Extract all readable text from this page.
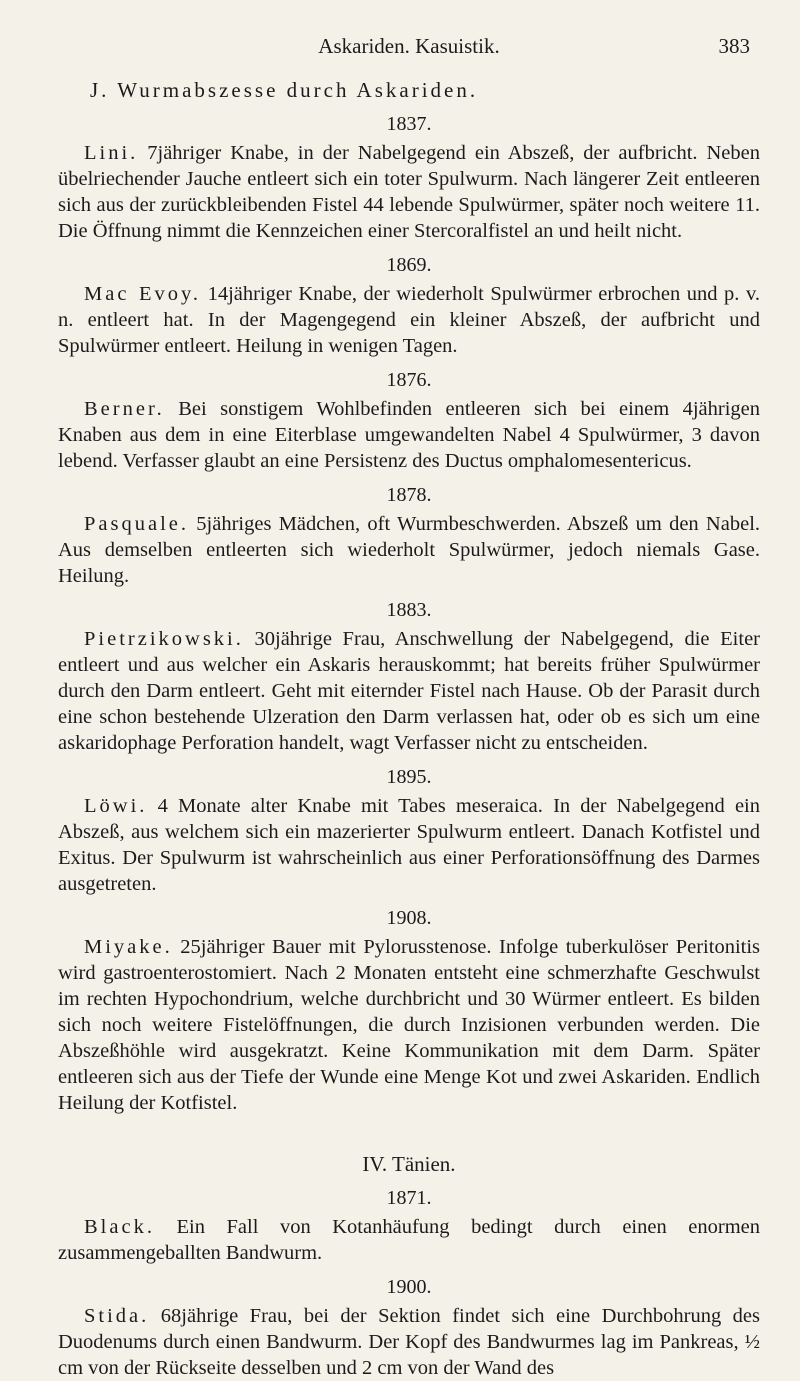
Askariden. Kasuistik.	383
J. Wurmabszesse durch Askariden.
1837.

Lini. 7jähriger Knabe, in der Nabelgegend ein Abszeß, der aufbricht. Neben übelriechender Jauche entleert sich ein toter Spulwurm. Nach längerer Zeit entleeren sich aus der zurückbleibenden Fistel 44 lebende Spulwürmer, später noch weitere 11. Die Öffnung nimmt die Kennzeichen einer Stercoralfistel an und heilt nicht.

1869.

Mac Evoy. 14jähriger Knabe, der wiederholt Spulwürmer erbrochen und p. v. n. entleert hat. In der Magengegend ein kleiner Abszeß, der aufbricht und Spulwürmer entleert. Heilung in wenigen Tagen.

1876.

Berner. Bei sonstigem Wohlbefinden entleeren sich bei einem 4jährigen Knaben aus dem in eine Eiterblase umgewandelten Nabel 4 Spulwürmer, 3 davon lebend. Verfasser glaubt an eine Persistenz des Ductus omphalomesentericus.

1878.

Pasquale. 5jähriges Mädchen, oft Wurmbeschwerden. Abszeß um den Nabel. Aus demselben entleerten sich wiederholt Spulwürmer, jedoch niemals Gase. Heilung.

1883.

Pietrzikowski. 30jährige Frau, Anschwellung der Nabelgegend, die Eiter entleert und aus welcher ein Askaris herauskommt; hat bereits früher Spulwürmer durch den Darm entleert. Geht mit eiternder Fistel nach Hause. Ob der Parasit durch eine schon bestehende Ulzeration den Darm verlassen hat, oder ob es sich um eine askaridophage Perforation handelt, wagt Verfasser nicht zu entscheiden.

1895.

Löwi. 4 Monate alter Knabe mit Tabes meseraica. In der Nabelgegend ein Abszeß, aus welchem sich ein mazerierter Spulwurm entleert. Danach Kotfistel und Exitus. Der Spulwurm ist wahrscheinlich aus einer Perforationsöffnung des Darmes ausgetreten.

1908.

Miyake. 25jähriger Bauer mit Pylorusstenose. Infolge tuberkulöser Peritonitis wird gastroenterostomiert. Nach 2 Monaten entsteht eine schmerzhafte Geschwulst im rechten Hypochondrium, welche durchbricht und 30 Würmer entleert. Es bilden sich noch weitere Fistelöffnungen, die durch Inzisionen verbunden werden. Die Abszeßhöhle wird ausgekratzt. Keine Kommunikation mit dem Darm. Später entleeren sich aus der Tiefe der Wunde eine Menge Kot und zwei Askariden. Endlich Heilung der Kotfistel.

IV. Tänien.
1871.

Black. Ein Fall von Kotanhäufung bedingt durch einen enormen zusammengeballten Bandwurm.

1900.

Stida. 68jährige Frau, bei der Sektion findet sich eine Durchbohrung des Duodenums durch einen Bandwurm. Der Kopf des Bandwurmes lag im Pankreas, ½ cm von der Rückseite desselben und 2 cm von der Wand des
